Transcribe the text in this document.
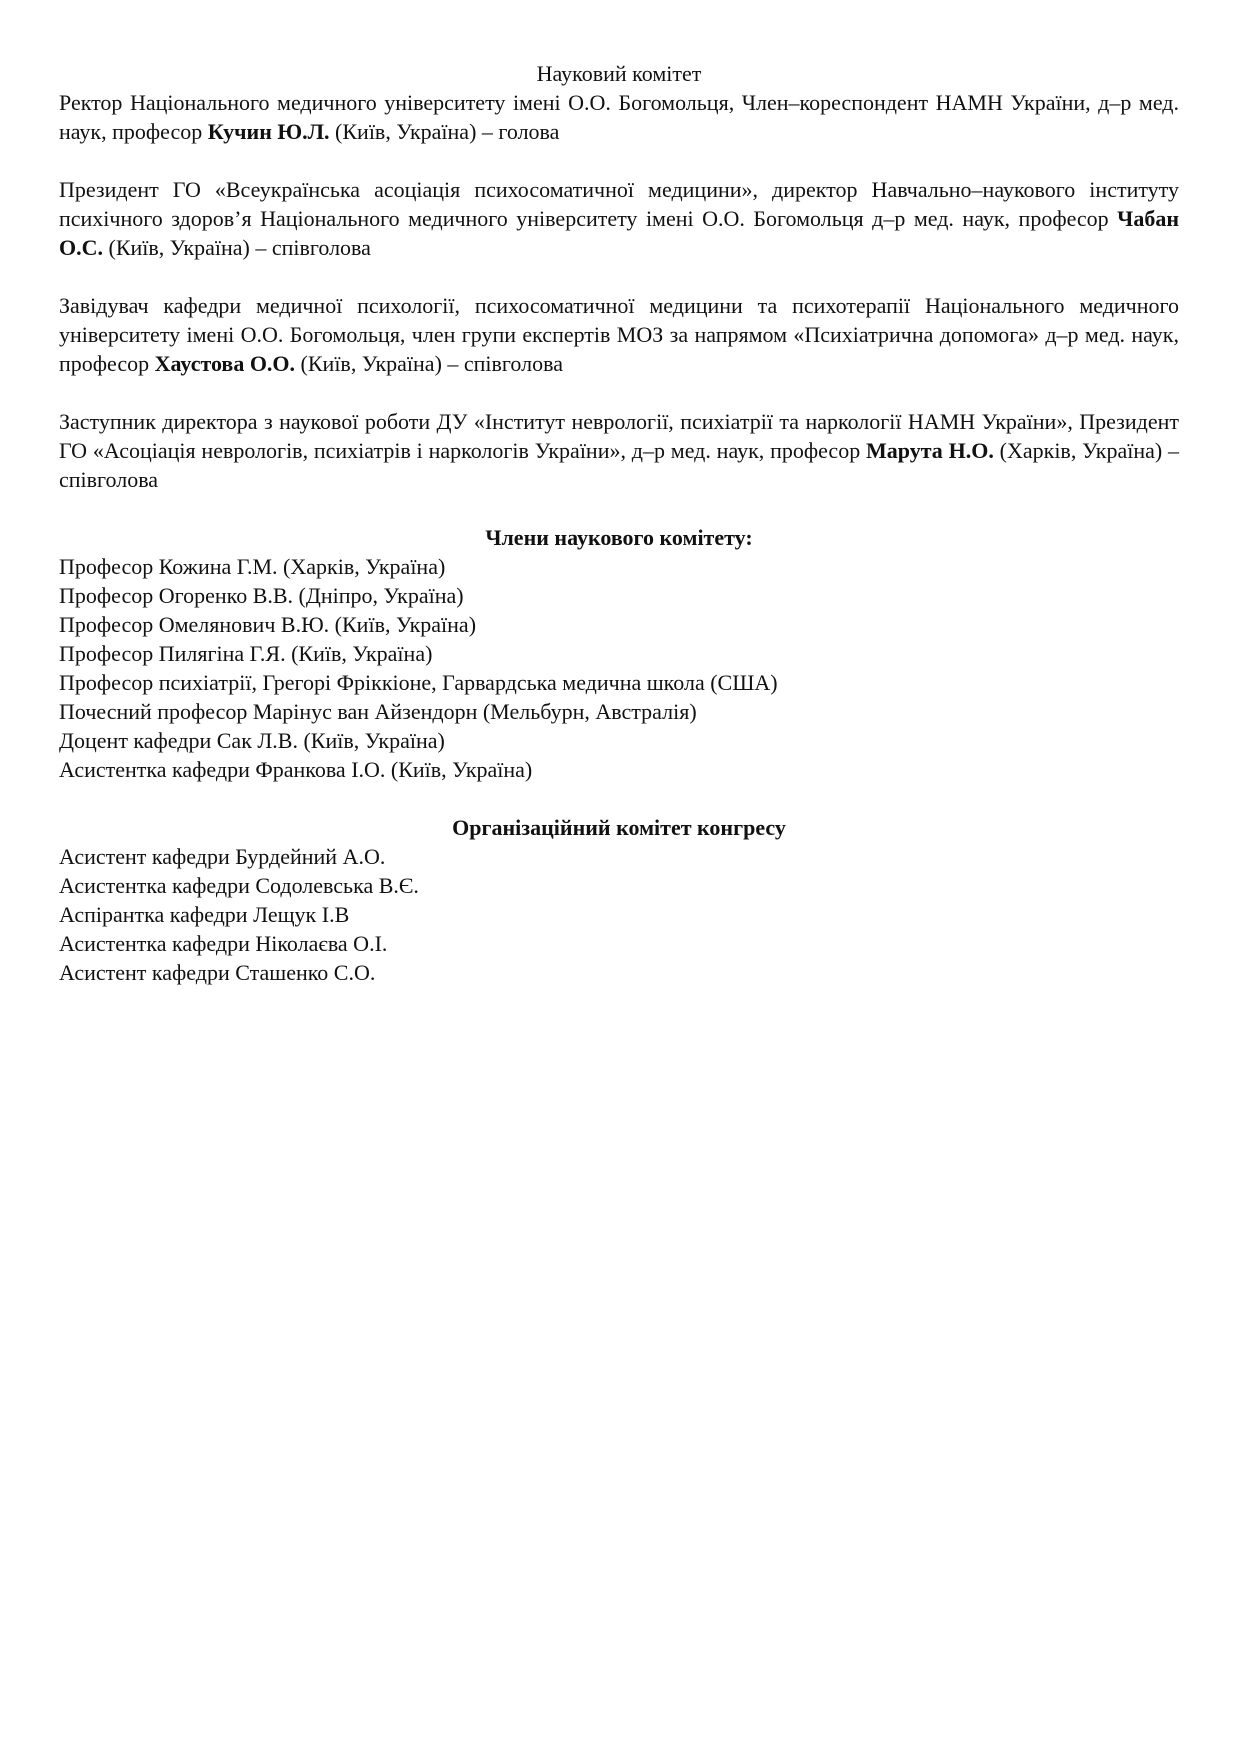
Науковий комітет

Ректор Національного медичного університету імені О.О. Богомольця, Член–кореспондент НАМН України, д–р мед. наук, професор Кучин Ю.Л. (Київ, Україна) – голова

Президент ГО «Всеукраїнська асоціація психосоматичної медицини», директор Навчально–наукового інституту психічного здоров’я Національного медичного університету імені О.О. Богомольця д–р мед. наук, професор Чабан О.С. (Київ, Україна) – співголова

Завідувач кафедри медичної психології, психосоматичної медицини та психотерапії Національного медичного університету імені О.О. Богомольця, член групи експертів МОЗ за напрямом «Психіатрична допомога» д–р мед. наук, професор Хаустова О.О. (Київ, Україна) – співголова

Заступник директора з наукової роботи ДУ «Інститут неврології, психіатрії та наркології НАМН України», Президент ГО «Асоціація неврологів, психіатрів і наркологів України», д–р мед. наук, професор Марута Н.О. (Харків, Україна) – співголова

Члени наукового комітету:

Професор Кожина Г.М. (Харків, Україна)
Професор Огоренко В.В. (Дніпро, Україна)
Професор Омелянович В.Ю. (Київ, Україна)
Професор Пилягіна Г.Я. (Київ, Україна)
Професор психіатрії, Грегорі Фріккіоне, Гарвардська медична школа (США)
Почесний професор Марінус ван Айзендорн (Мельбурн, Австралія)
Доцент кафедри Сак Л.В. (Київ, Україна)
Асистентка кафедри Франкова І.О. (Київ, Україна)

Організаційний комітет конгресу

Асистент кафедри Бурдейний А.О.
Асистентка кафедри Содолевська В.Є.
Аспірантка кафедри Лещук І.В
Асистентка кафедри Ніколаєва О.І.
Асистент кафедри Сташенко С.О.
